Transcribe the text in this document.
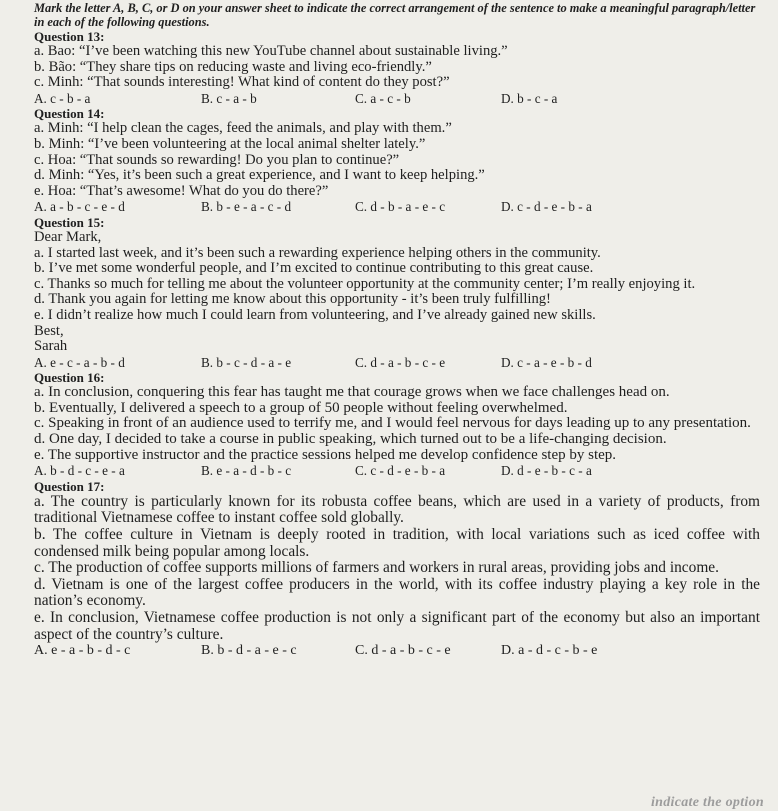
Mark the letter A, B, C, or D on your answer sheet to indicate the correct arrangement of the sentence to make a meaningful paragraph/letter in each of the following questions.

Question 13:

a. Bao: “I’ve been watching this new YouTube channel about sustainable living.”

b. Bão: “They share tips on reducing waste and living eco-friendly.”

c. Minh: “That sounds interesting! What kind of content do they post?”

A. c - b - a	B. c - a - b	C. a - c - b	D. b - c - a

Question 14:

a. Minh: “I help clean the cages, feed the animals, and play with them.”

b. Minh: “I’ve been volunteering at the local animal shelter lately.”

c. Hoa: “That sounds so rewarding! Do you plan to continue?”

d. Minh: “Yes, it’s been such a great experience, and I want to keep helping.”

e. Hoa: “That’s awesome! What do you do there?”

A. a - b - c - e - d	B. b - e - a - c - d	C. d - b - a - e - c	D. c - d - e - b - a

Question 15:

Dear Mark,

a. I started last week, and it’s been such a rewarding experience helping others in the community.

b. I’ve met some wonderful people, and I’m excited to continue contributing to this great cause.

c. Thanks so much for telling me about the volunteer opportunity at the community center; I’m really enjoying it.

d. Thank you again for letting me know about this opportunity - it’s been truly fulfilling!

e. I didn’t realize how much I could learn from volunteering, and I’ve already gained new skills.

Best,

Sarah

A. e - c - a - b - d	B. b - c - d - a - e	C. d - a - b - c - e	D. c - a - e - b - d

Question 16:

a. In conclusion, conquering this fear has taught me that courage grows when we face challenges head on.

b. Eventually, I delivered a speech to a group of 50 people without feeling overwhelmed.

c. Speaking in front of an audience used to terrify me, and I would feel nervous for days leading up to any presentation.

d. One day, I decided to take a course in public speaking, which turned out to be a life-changing decision.

e. The supportive instructor and the practice sessions helped me develop confidence step by step.

A. b - d - c - e - a	B. e - a - d - b - c	C. c - d - e - b - a	D. d - e - b - c - a

Question 17:

a. The country is particularly known for its robusta coffee beans, which are used in a variety of products, from traditional Vietnamese coffee to instant coffee sold globally.

b. The coffee culture in Vietnam is deeply rooted in tradition, with local variations such as iced coffee with condensed milk being popular among locals.

c. The production of coffee supports millions of farmers and workers in rural areas, providing jobs and income.

d. Vietnam is one of the largest coffee producers in the world, with its coffee industry playing a key role in the nation’s economy.

e. In conclusion, Vietnamese coffee production is not only a significant part of the economy but also an important aspect of the country’s culture.

A. e - a - b - d - c	B. b - d - a - e - c	C. d - a - b - c - e	D. a - d - c - b - e
indicate the option
